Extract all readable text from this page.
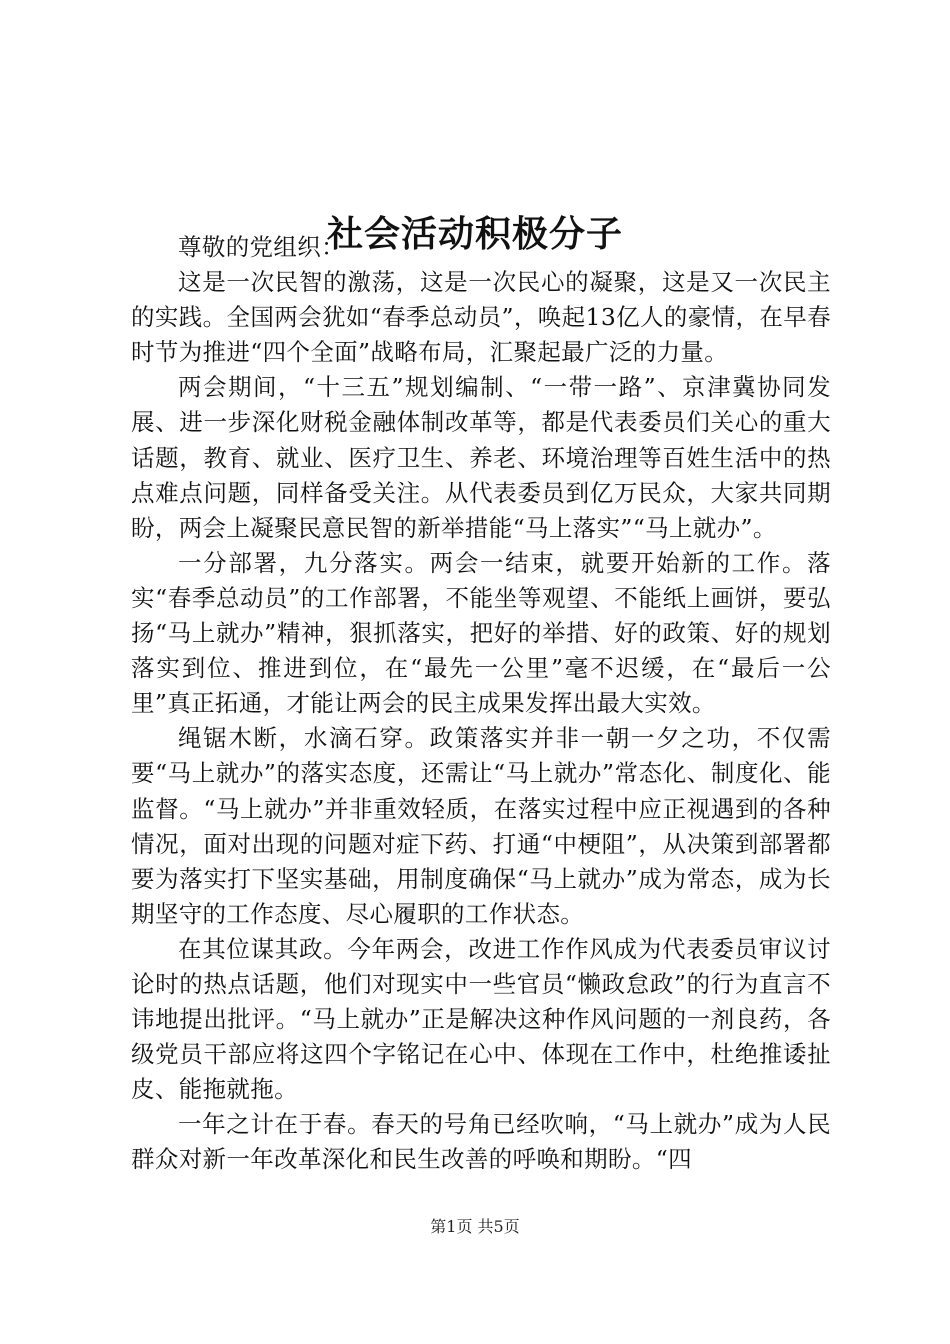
社会活动积极分子

尊敬的党组织：

这是一次民智的激荡，这是一次民心的凝聚，这是又一次民主的实践。全国两会犹如“春季总动员”，唤起13亿人的豪情，在早春时节为推进“四个全面”战略布局，汇聚起最广泛的力量。

两会期间，“十三五”规划编制、“一带一路”、京津冀协同发展、进一步深化财税金融体制改革等，都是代表委员们关心的重大话题，教育、就业、医疗卫生、养老、环境治理等百姓生活中的热点难点问题，同样备受关注。从代表委员到亿万民众，大家共同期盼，两会上凝聚民意民智的新举措能“马上落实”“马上就办”。

一分部署，九分落实。两会一结束，就要开始新的工作。落实“春季总动员”的工作部署，不能坐等观望、不能纸上画饼，要弘扬“马上就办”精神，狠抓落实，把好的举措、好的政策、好的规划落实到位、推进到位，在“最先一公里”毫不迟缓，在“最后一公里”真正拓通，才能让两会的民主成果发挥出最大实效。

绳锯木断，水滴石穿。政策落实并非一朝一夕之功，不仅需要“马上就办”的落实态度，还需让“马上就办”常态化、制度化、能监督。“马上就办”并非重效轻质，在落实过程中应正视遇到的各种情况，面对出现的问题对症下药、打通“中梗阻”，从决策到部署都要为落实打下坚实基础，用制度确保“马上就办”成为常态，成为长期坚守的工作态度、尽心履职的工作状态。

在其位谋其政。今年两会，改进工作作风成为代表委员审议讨论时的热点话题，他们对现实中一些官员“懒政怠政”的行为直言不讳地提出批评。“马上就办”正是解决这种作风问题的一剂良药，各级党员干部应将这四个字铭记在心中、体现在工作中，杜绝推诿扯皮、能拖就拖。

一年之计在于春。春天的号角已经吹响，“马上就办”成为人民群众对新一年改革深化和民生改善的呼唤和期盼。“四

第1页 共5页
